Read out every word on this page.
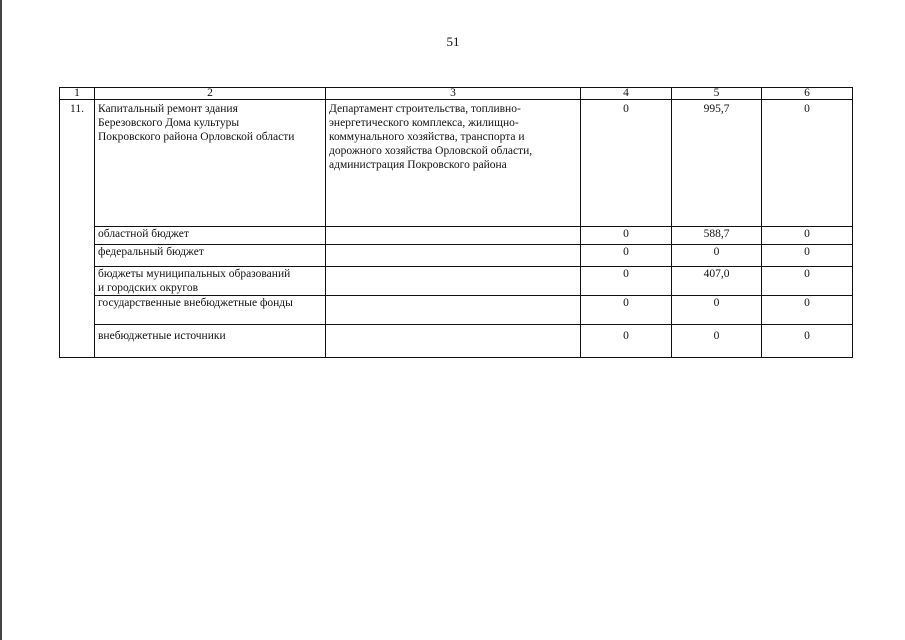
51
1	2	3	4	5	6
11.	Капитальный ремонт здания
Березовского Дома культуры
Покровского района Орловской области	Департамент строительства, топливно-
энергетического комплекса, жилищно-
коммунального хозяйства, транспорта и
дорожного хозяйства Орловской области,
администрация Покровского района	0	995,7	0
	областной бюджет		0	588,7	0
	федеральный бюджет		0	0	0

	бюджеты муниципальных образований
и городских округов		0	407,0	0
	государственные внебюджетные фонды		0	0	0
	внебюджетные источники		0	0	0
